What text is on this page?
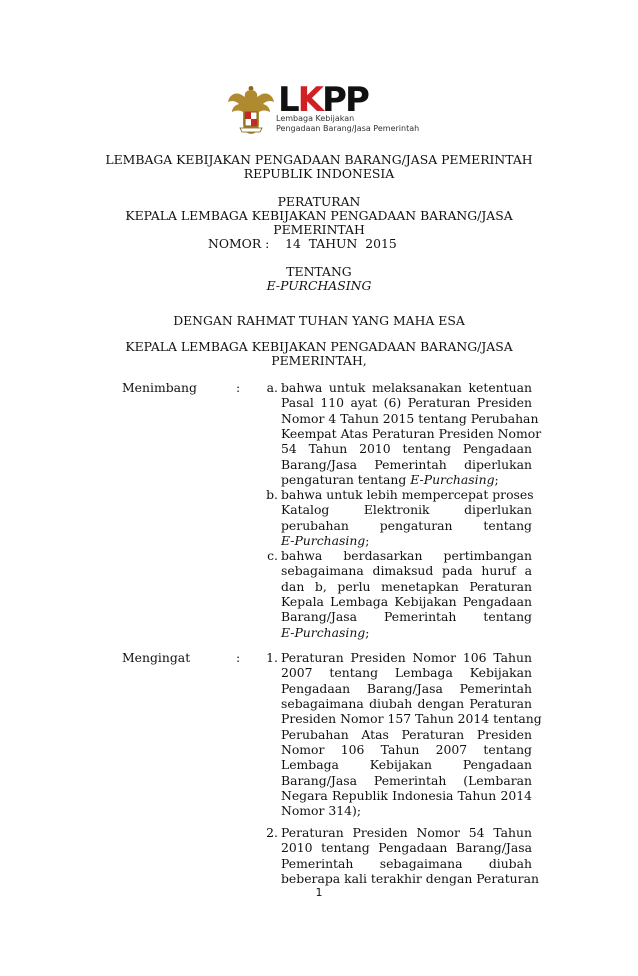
LKPP
Lembaga Kebijakan
Pengadaan Barang/Jasa Pemerintah
LEMBAGA KEBIJAKAN PENGADAAN BARANG/JASA PEMERINTAH
REPUBLIK INDONESIA
PERATURAN
KEPALA LEMBAGA KEBIJAKAN PENGADAAN BARANG/JASA
PEMERINTAH
NOMOR : 14  TAHUN  2015
TENTANG
E-PURCHASING
DENGAN RAHMAT TUHAN YANG MAHA ESA
KEPALA LEMBAGA KEBIJAKAN PENGADAAN BARANG/JASA
PEMERINTAH,
Menimbang	:	a. bahwa untuk melaksanakan ketentuan
Pasal 110 ayat (6) Peraturan Presiden
Nomor 4 Tahun 2015 tentang Perubahan
Keempat Atas Peraturan Presiden Nomor
54 Tahun 2010 tentang Pengadaan
Barang/Jasa Pemerintah diperlukan
pengaturan tentang E-Purchasing;
b. bahwa untuk lebih mempercepat proses
Katalog	Elektronik	diperlukan
perubahan pengaturan tentang
E-Purchasing;
c. bahwa berdasarkan pertimbangan
sebagaimana dimaksud pada huruf a
dan b, perlu menetapkan Peraturan
Kepala Lembaga Kebijakan Pengadaan
Barang/Jasa Pemerintah tentang
E-Purchasing;
Mengingat	:	1. Peraturan Presiden Nomor 106 Tahun
2007 tentang Lembaga Kebijakan
Pengadaan Barang/Jasa Pemerintah
sebagaimana diubah dengan Peraturan
Presiden Nomor 157 Tahun 2014 tentang
Perubahan Atas Peraturan Presiden
Nomor 106 Tahun 2007 tentang
Lembaga Kebijakan Pengadaan
Barang/Jasa Pemerintah (Lembaran
Negara Republik Indonesia Tahun 2014
Nomor 314);
2. Peraturan Presiden Nomor 54 Tahun
2010 tentang Pengadaan Barang/Jasa
Pemerintah sebagaimana diubah
beberapa kali terakhir dengan Peraturan
1
